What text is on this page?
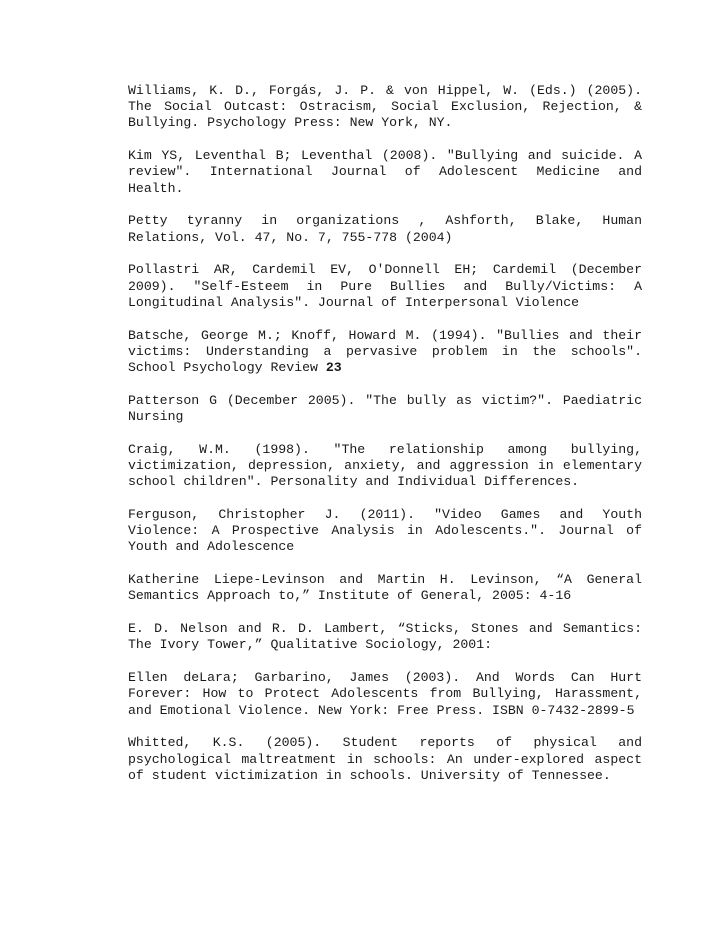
Williams, K. D., Forgás, J. P. & von Hippel, W. (Eds.) (2005). The Social Outcast: Ostracism, Social Exclusion, Rejection, & Bullying. Psychology Press: New York, NY.

Kim YS, Leventhal B; Leventhal (2008). "Bullying and suicide. A review". International Journal of Adolescent Medicine and Health.

Petty tyranny in organizations , Ashforth, Blake, Human Relations, Vol. 47, No. 7, 755-778 (2004)

Pollastri AR, Cardemil EV, O'Donnell EH; Cardemil (December 2009). "Self-Esteem in Pure Bullies and Bully/Victims: A Longitudinal Analysis". Journal of Interpersonal Violence

Batsche, George M.; Knoff, Howard M. (1994). "Bullies and their victims: Understanding a pervasive problem in the schools". School Psychology Review 23

Patterson G (December 2005). "The bully as victim?". Paediatric Nursing

Craig, W.M. (1998). "The relationship among bullying, victimization, depression, anxiety, and aggression in elementary school children". Personality and Individual Differences.

Ferguson, Christopher J. (2011). "Video Games and Youth Violence: A Prospective Analysis in Adolescents.". Journal of Youth and Adolescence

Katherine Liepe-Levinson and Martin H. Levinson, “A General Semantics Approach to,” Institute of General, 2005: 4-16

E. D. Nelson and R. D. Lambert, “Sticks, Stones and Semantics: The Ivory Tower,” Qualitative Sociology, 2001:

Ellen deLara; Garbarino, James (2003). And Words Can Hurt Forever: How to Protect Adolescents from Bullying, Harassment, and Emotional Violence. New York: Free Press. ISBN 0-7432-2899-5

Whitted, K.S. (2005). Student reports of physical and psychological maltreatment in schools: An under-explored aspect of student victimization in schools. University of Tennessee.
